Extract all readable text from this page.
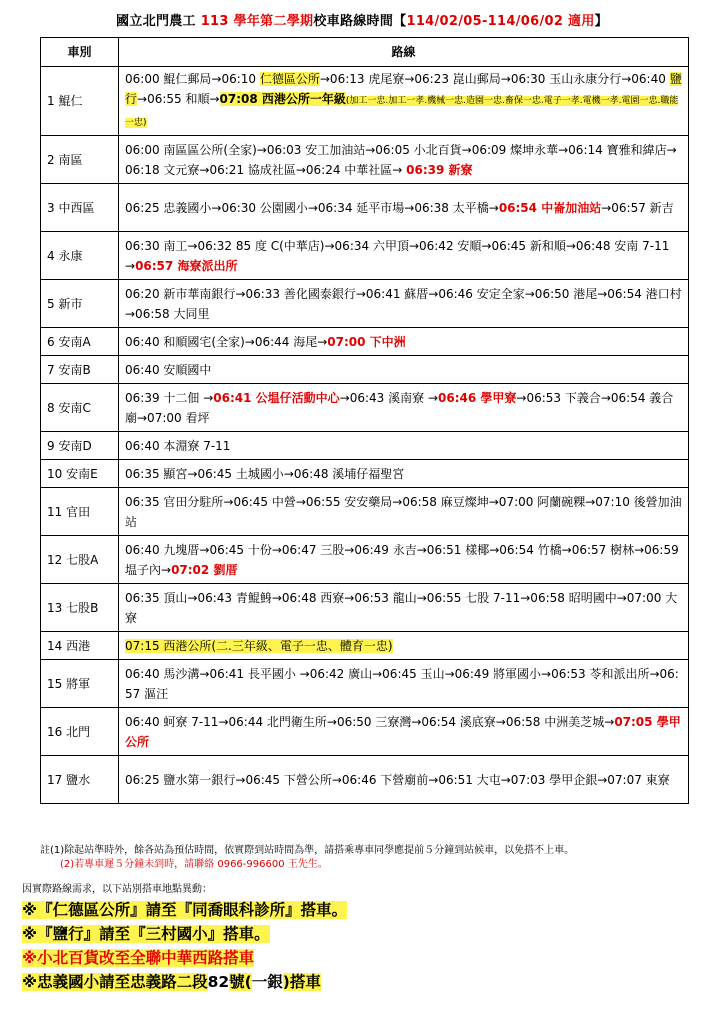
國立北門農工 113 學年第二學期校車路線時間【114/02/05-114/06/02 適用】
車別	路線
1 鯤仁	06:00 鯤仁郵局→06:10 仁德區公所→06:13 虎尾寮→06:23 崑山郵局→06:30 玉山永康分行→06:40 鹽行→06:55 和順→07:08 西港公所一年級(加工一忠.加工一孝.機械一忠.造園一忠.畜保一忠.電子一孝.電機一孝.電園一忠.職能一忠)
2 南區	06:00 南區區公所(全家)→06:03 安工加油站→06:05 小北百貨→06:09 燦坤永華→06:14 寶雅和緯店→06:18 文元寮→06:21 協成社區→06:24 中華社區→ 06:39 新寮
3 中西區	06:25 忠義國小→06:30 公園國小→06:34 延平市場→06:38 太平橋→06:54 中崙加油站→06:57 新吉
4 永康	06:30 南工→06:32 85 度 C(中華店)→06:34 六甲頂→06:42 安順→06:45 新和順→06:48 安南 7-11 →06:57 海寮派出所
5 新市	06:20 新市華南銀行→06:33 善化國泰銀行→06:41 蘇厝→06:46 安定全家→06:50 港尾→06:54 港口村→06:58 大同里
6 安南A	06:40 和順國宅(全家)→06:44 海尾→07:00 下中洲
7 安南B	06:40 安順國中
8 安南C	06:39 十二佃 →06:41 公塭仔活動中心→06:43 溪南寮 →06:46 學甲寮→06:53 下義合→06:54 義合廟→07:00 看坪
9 安南D	06:40 本淵寮 7-11
10 安南E	06:35 顯宮→06:45 土城國小→06:48 溪埔仔福聖宮
11 官田	06:35 官田分駐所→06:45 中營→06:55 安安藥局→06:58 麻豆燦坤→07:00 阿蘭碗粿→07:10 後營加油站
12 七股A	06:40 九塊厝→06:45 十份→06:47 三股→06:49 永吉→06:51 樣椰→06:54 竹橋→06:57 樹林→06:59 塭子內→07:02 劉厝
13 七股B	06:35 頂山→06:43 青鯤鯓→06:48 西寮→06:53 龍山→06:55 七股 7-11→06:58 昭明國中→07:00 大寮
14 西港	07:15 西港公所(二.三年級、電子一忠、體育一忠)
15 將軍	06:40 馬沙溝→06:41 長平國小 →06:42 廣山→06:45 玉山→06:49 將軍國小→06:53 苓和派出所→06:57 漚汪
16 北門	06:40 蚵寮 7-11→06:44 北門衛生所→06:50 三寮灣→06:54 溪底寮→06:58 中洲美芝城→07:05 學甲公所
17 鹽水	06:25 鹽水第一銀行→06:45 下營公所→06:46 下營廟前→06:51 大屯→07:03 學甲企銀→07:07 東寮
註(1)除起站準時外，餘各站為預估時間，依實際到站時間為準，請搭乘專車同學應提前５分鐘到站候車，以免搭不上車。
(2)若專車遲５分鐘未到時，請聯絡 0966-996600 王先生。
因實際路線需求，以下站別搭車地點異動：
※『仁德區公所』請至『同喬眼科診所』搭車。
※『鹽行』請至『三村國小』搭車。
※小北百貨改至全聯中華西路搭車
※忠義國小請至忠義路二段82號(一銀)搭車
